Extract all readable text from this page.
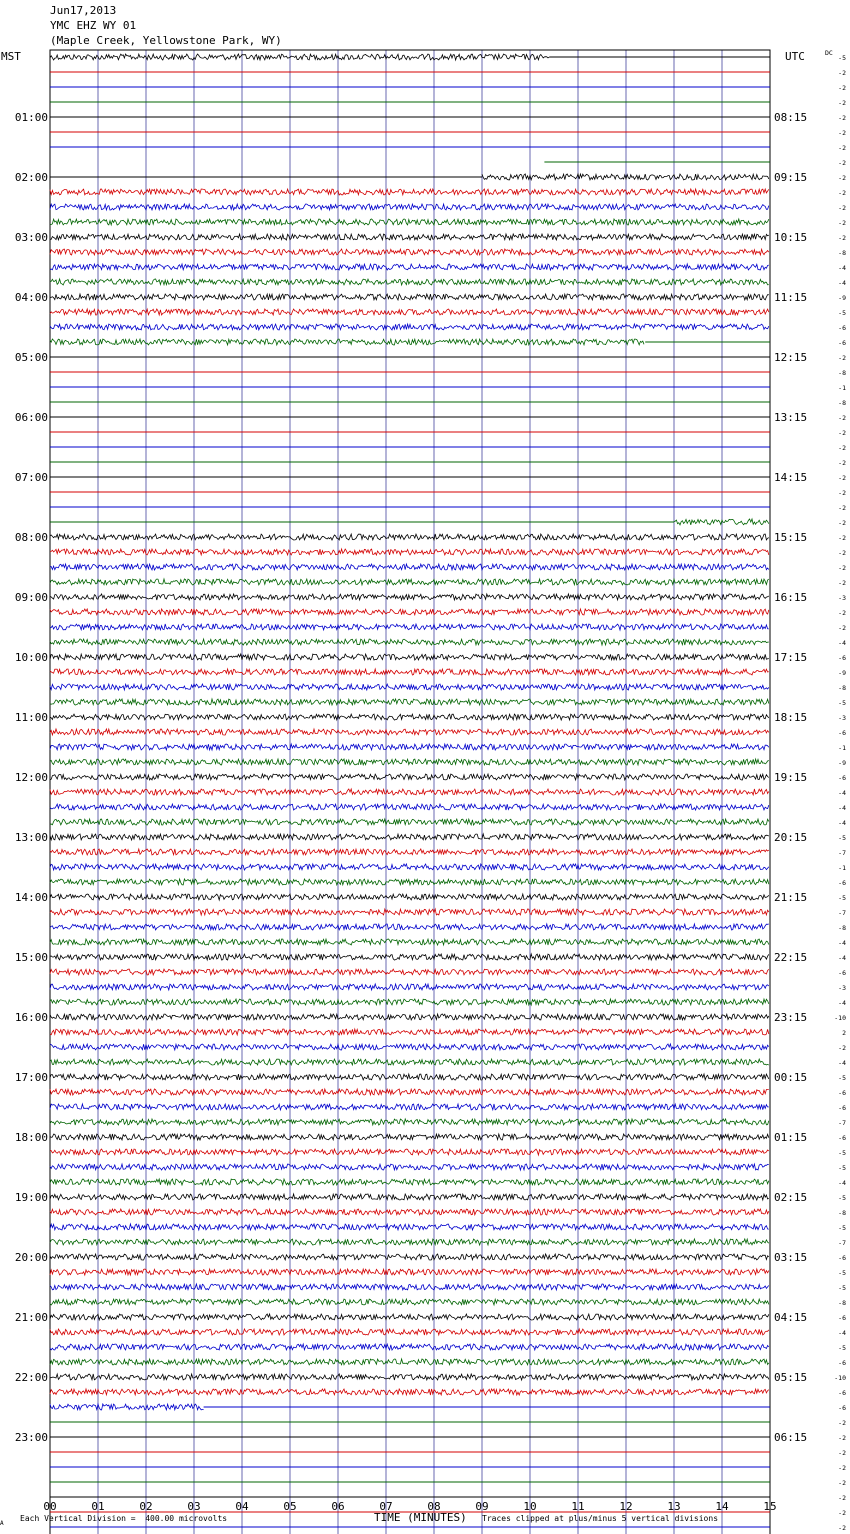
Jun17,2013
YMC EHZ WY 01
(Maple Creek, Yellowstone Park, WY)
MST	UTC	-5
-2
-2
-2
-2
-2
-2
-2
-2
-2
-2
-2
-2
-8
-4
-4
-9
-5
-6
-6
-2
-8
-1
-8
-2
-2
-2
-2
-2
-2
-2
-2
-2
-2
-2
-2
-3
-2
-2
-4
-6
-9
-8
-5
-3
-6
-1
-9
-6
-4
-4
-4
-5
-7
-1
-6
-5
-7
-8
-4
-4
-6
-3
-4
-10
2
-2
-4
-5
-6
-6
-7
-6
-5
-5
-4
-5
-8
-5
-7
-6
-5
-5
-8
-6
-4
-5
-6
-10
-6
-6
-2
-2
-2
-2
-2
-2
-2
-2
DC
01:00
02:00
03:00
04:00
05:00
06:00
07:00
08:00
09:00
10:00
11:00
12:00
13:00
14:00
15:00
16:00
17:00
18:00
19:00
20:00
21:00
22:00
23:00
08:15
09:15
10:15
11:15
12:15
13:15
14:15
15:15
16:15
17:15
18:15
19:15
20:15
21:15
22:15
23:15
00:15
01:15
02:15
03:15
04:15
05:15
06:15
00	01	02	03	04	05	06	07	08	09	10	11	12	13	14	15
Each Vertical Division =  400.00 microvolts	TIME (MINUTES) Traces clipped at plus/minus 5 vertical divisions
A
